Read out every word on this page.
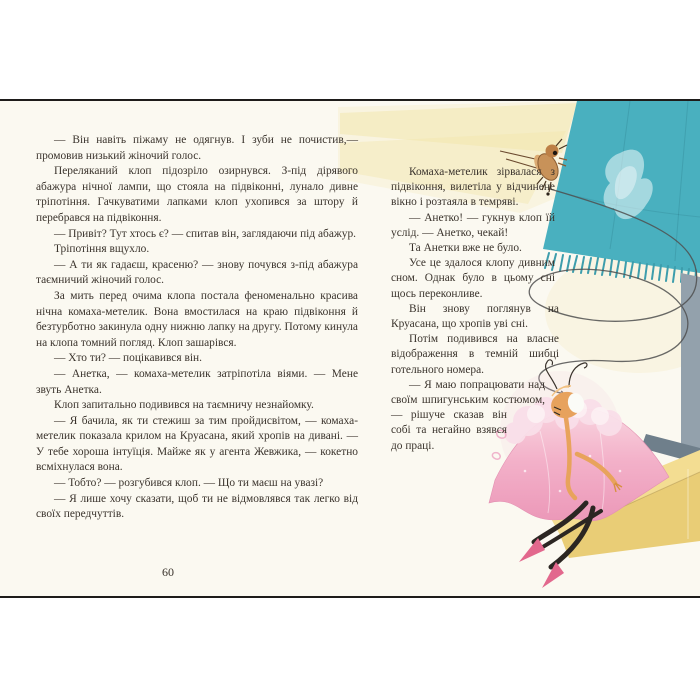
— Він навіть піжаму не одягнув. І зуби не почистив,— промовив низький жіночий голос.

Переляканий клоп підозріло озирнувся. З-під дірявого абажура нічної лампи, що стояла на підвіконні, лунало дивне тріпотіння. Гачкуватими лапками клоп ухопився за штору й перебрався на підвіконня.

— Привіт? Тут хтось є? — спитав він, заглядаючи під абажур.

Тріпотіння вщухло.

— А ти як гадаєш, красеню? — знову почувся з-під абажура таємничий жіночий голос.

За мить перед очима клопа постала феноменально красива нічна комаха-метелик. Вона вмостилася на краю підвіконня й безтурботно закинула одну нижню лапку на другу. Потому кинула на клопа томний погляд. Клоп зашарівся.

— Хто ти? — поцікавився він.

— Анетка, — комаха-метелик затріпотіла віями. — Мене звуть Анетка.

Клоп запитально подивився на таємничу незнайомку.

— Я бачила, як ти стежиш за тим пройдисвітом, — комаха-метелик показала крилом на Круасана, який хропів на дивані. — У тебе хороша інтуїція. Майже як у агента Жевжика, — кокетно всміхнулася вона.

— Тобто? — розгубився клоп. — Що ти маєш на увазі?

— Я лише хочу сказати, щоб ти не відмовлявся так легко від своїх передчуттів.

60

Комаха-метелик зірвалася з підвіконня, вилетіла у відчинене вікно і розтаяла в темряві.

— Анетко! — гукнув клоп їй услід. — Анетко, чекай!

Та Анетки вже не було.

Усе це здалося клопу дивним сном. Однак було в цьому сні щось переконливе.

Він знову поглянув на Круасана, що хропів уві сні.

Потім подивився на власне відображення в темній шибці готельного номера.

— Я маю попрацювати над своїм шпигунським костюмом, — рішуче сказав він собі та негайно взявся до праці.
